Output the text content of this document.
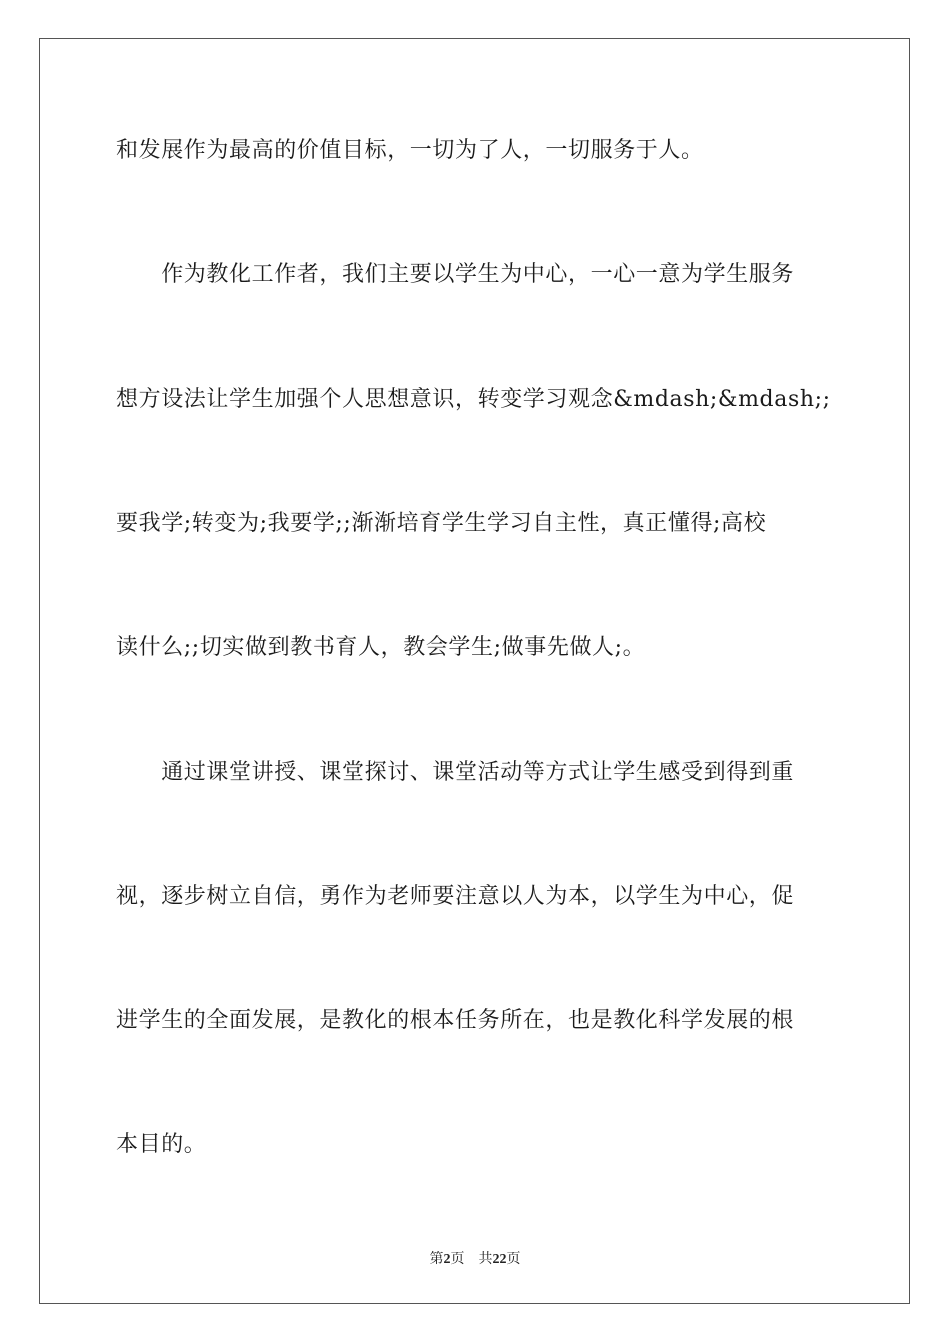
和发展作为最高的价值目标，一切为了人，一切服务于人。
　　作为教化工作者，我们主要以学生为中心，一心一意为学生服务
想方设法让学生加强个人思想意识，转变学习观念&mdash;&mdash;;
要我学;转变为;我要学;;渐渐培育学生学习自主性，真正懂得;高校
读什么;;切实做到教书育人，教会学生;做事先做人;。
　　通过课堂讲授、课堂探讨、课堂活动等方式让学生感受到得到重
视，逐步树立自信，勇作为老师要注意以人为本，以学生为中心，促
进学生的全面发展，是教化的根本任务所在，也是教化科学发展的根
本目的。
第2页 共22页
